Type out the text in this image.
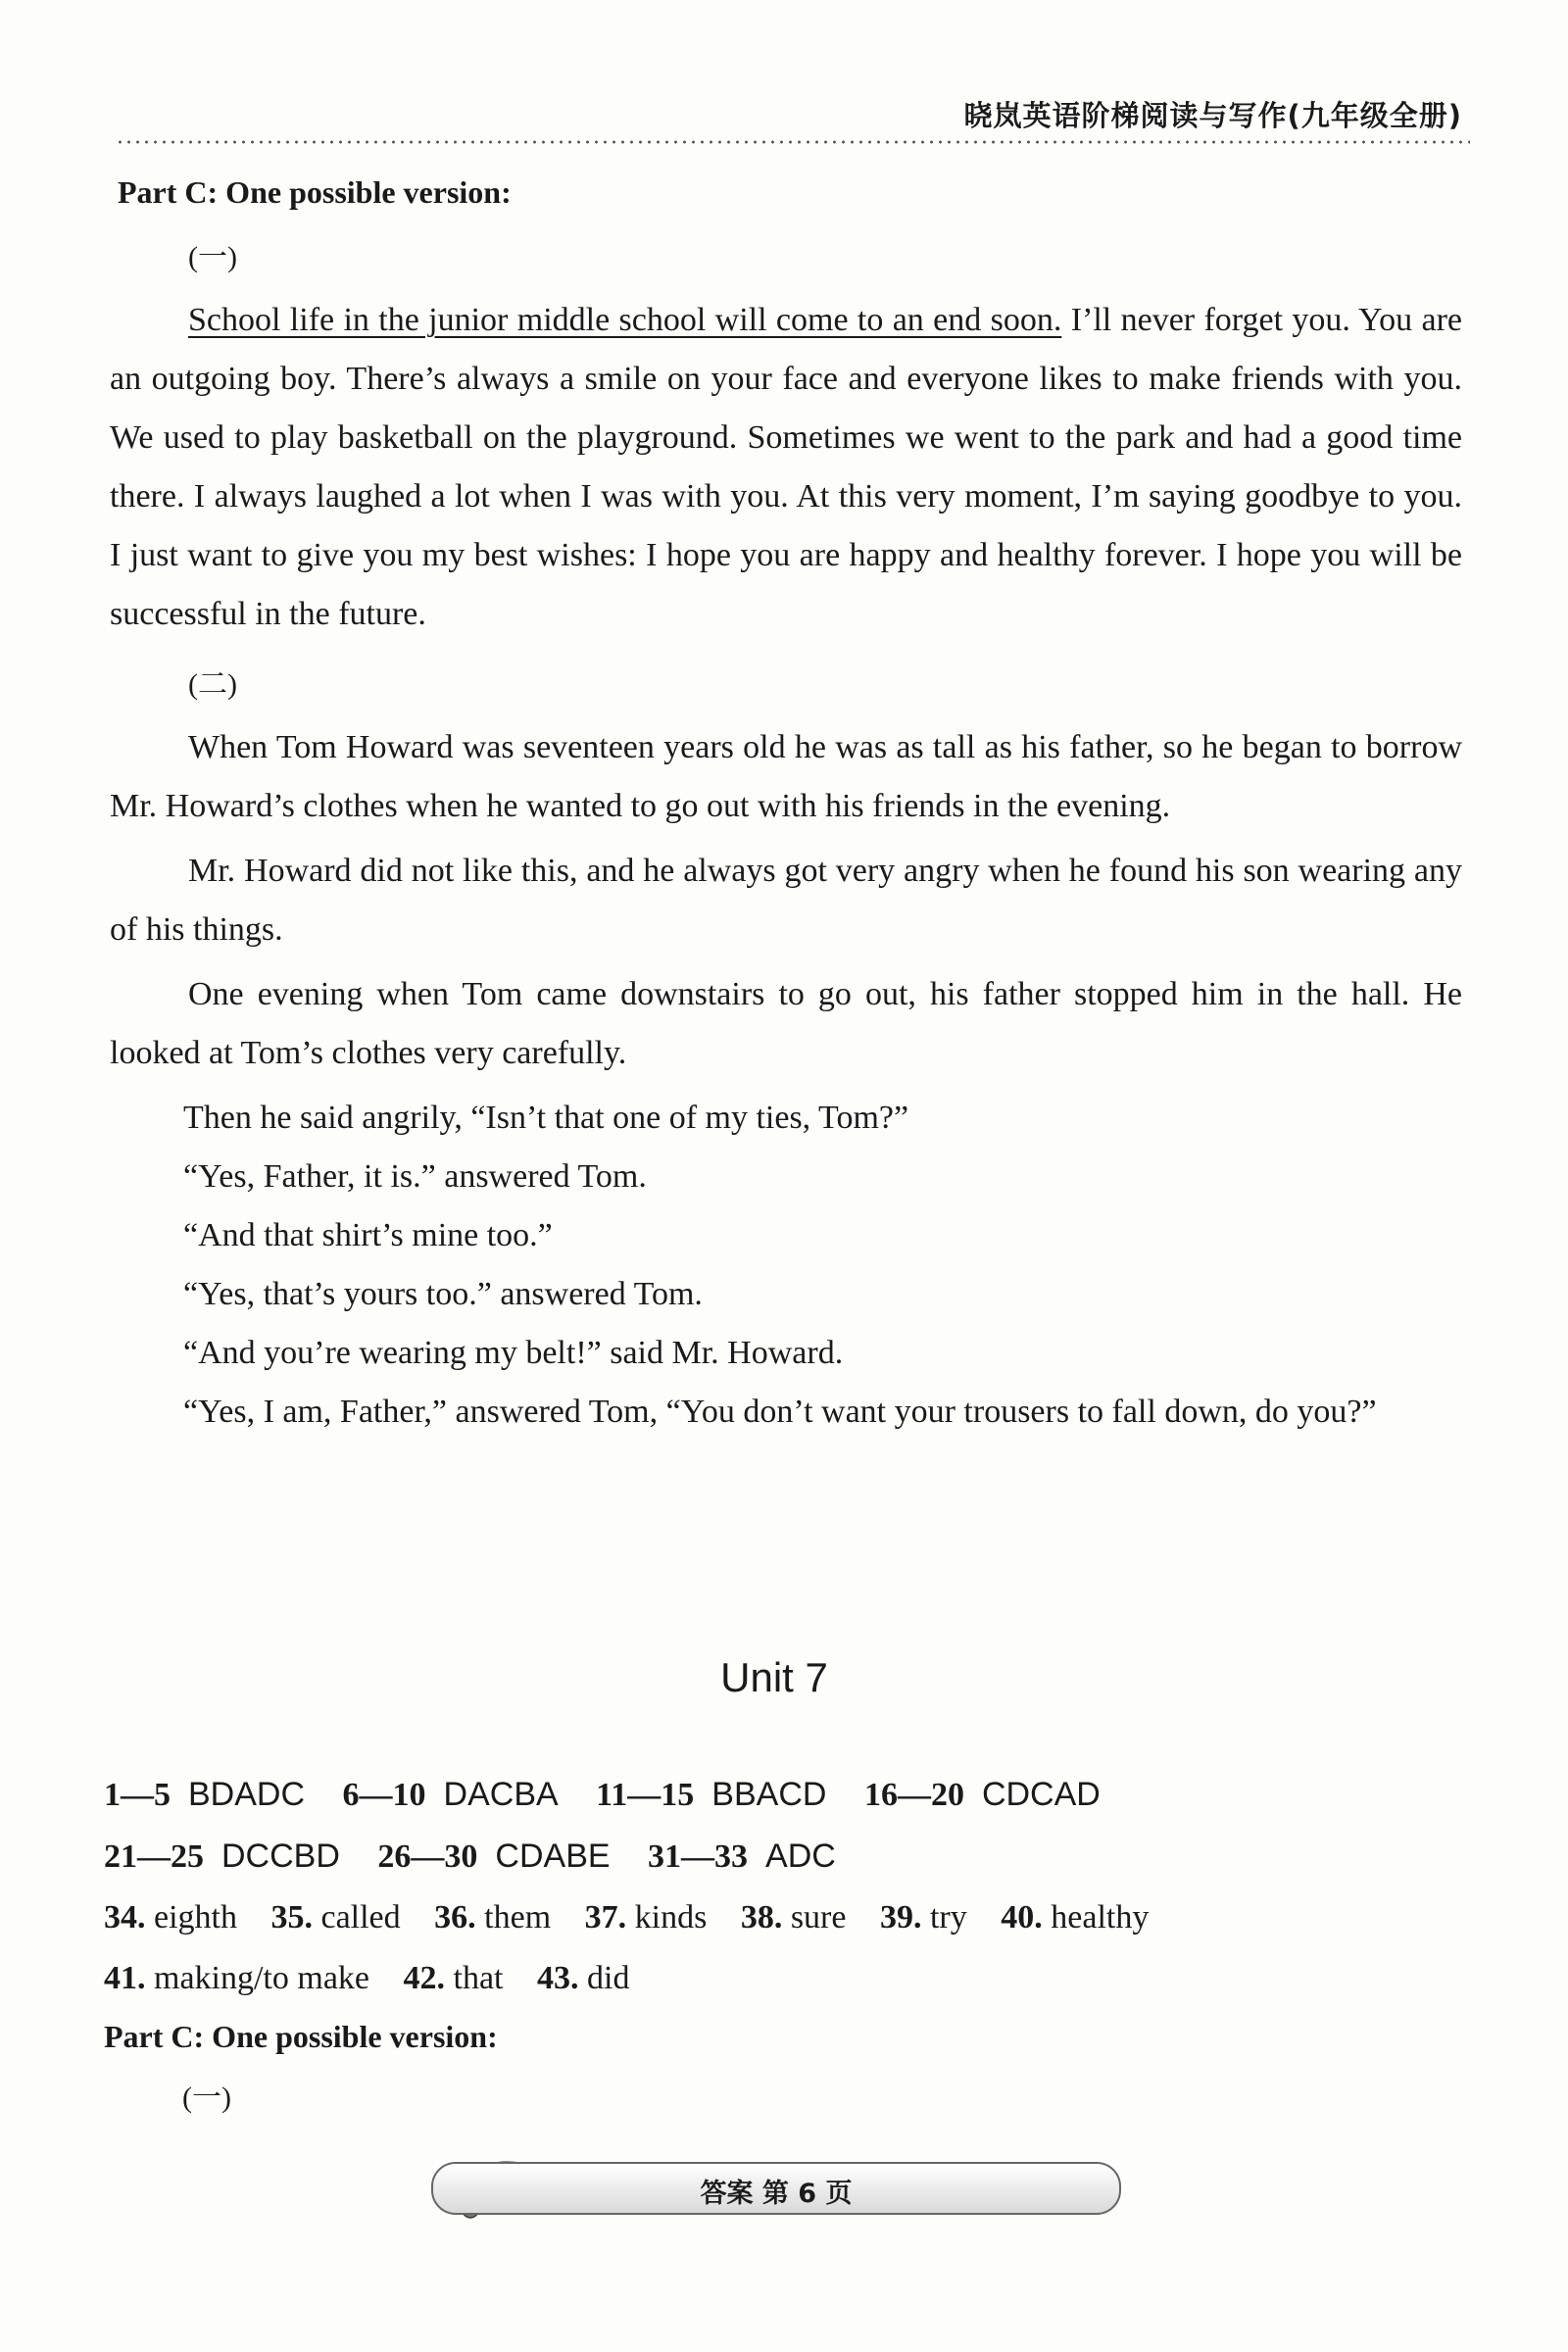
晓岚英语阶梯阅读与写作(九年级全册)
Part C: One possible version:
(一)

School life in the junior middle school will come to an end soon. I’ll never forget you. You are an outgoing boy. There’s always a smile on your face and everyone likes to make friends with you. We used to play basketball on the playground. Sometimes we went to the park and had a good time there. I always laughed a lot when I was with you. At this very moment, I’m saying goodbye to you. I just want to give you my best wishes: I hope you are happy and healthy forever. I hope you will be successful in the future.

(二)

When Tom Howard was seventeen years old he was as tall as his father, so he began to borrow Mr. Howard’s clothes when he wanted to go out with his friends in the evening.

Mr. Howard did not like this, and he always got very angry when he found his son wearing any of his things.

One evening when Tom came downstairs to go out, his father stopped him in the hall. He looked at Tom’s clothes very carefully.

Then he said angrily, “Isn’t that one of my ties, Tom?”

“Yes, Father, it is.” answered Tom.

“And that shirt’s mine too.”

“Yes, that’s yours too.” answered Tom.

“And you’re wearing my belt!” said Mr. Howard.

“Yes, I am, Father,” answered Tom, “You don’t want your trousers to fall down, do you?”

Unit 7
1—5 BDADC 6—10 DACBA 11—15 BBACD 16—20 CDCAD
21—25 DCCBD 26—30 CDABE 31—33 ADC
34. eighth 35. called 36. them 37. kinds 38. sure 39. try 40. healthy
41. making/to make 42. that 43. did
Part C: One possible version:
(一)
答案 第 6 页
